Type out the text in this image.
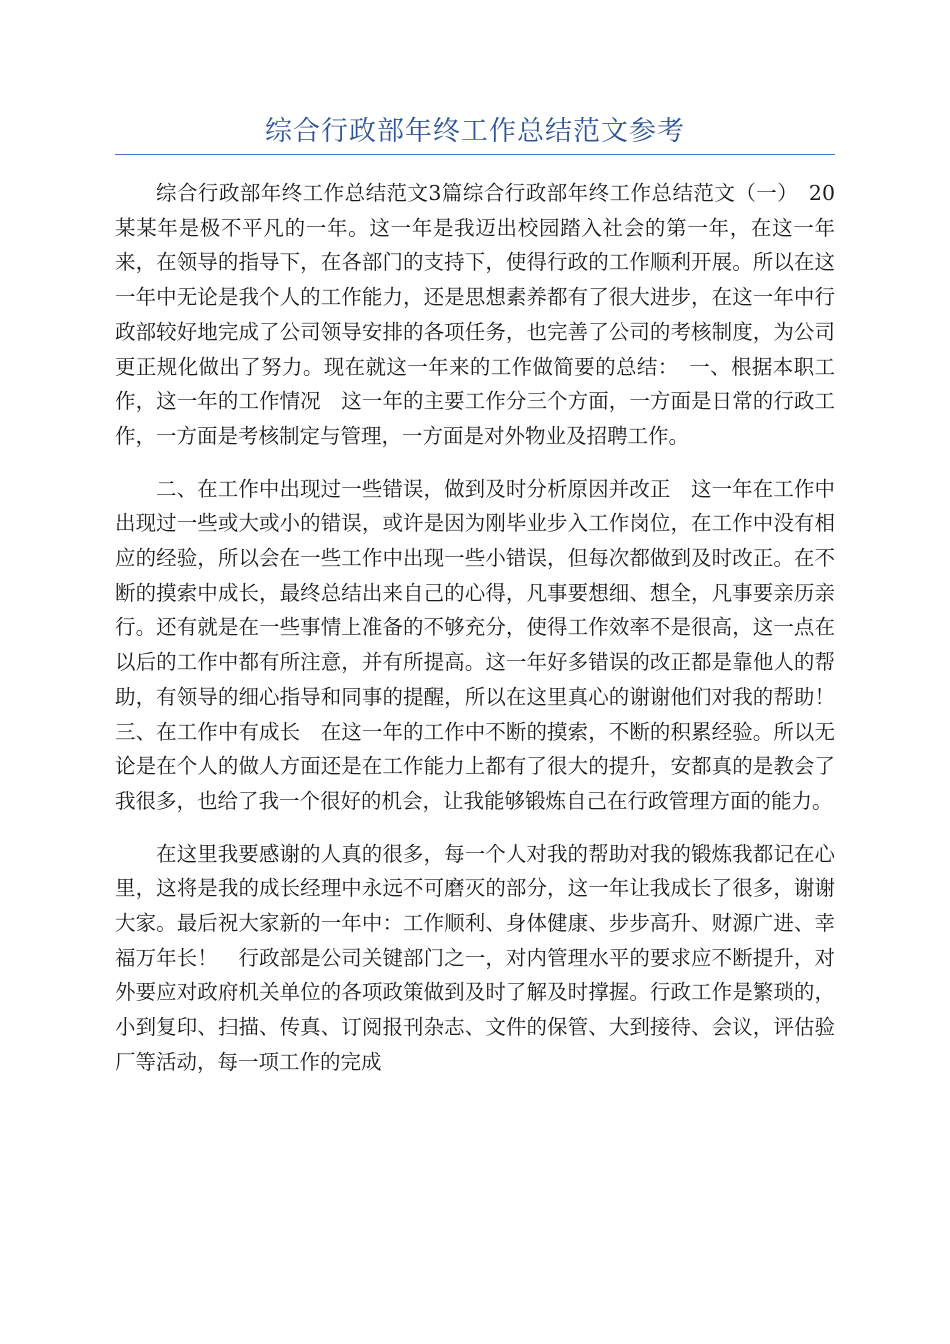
综合行政部年终工作总结范文参考

综合行政部年终工作总结范文3篇综合行政部年终工作总结范文（一）　20某某年是极不平凡的一年。这一年是我迈出校园踏入社会的第一年，在这一年来，在领导的指导下，在各部门的支持下，使得行政的工作顺利开展。所以在这一年中无论是我个人的工作能力，还是思想素养都有了很大进步，在这一年中行政部较好地完成了公司领导安排的各项任务，也完善了公司的考核制度，为公司更正规化做出了努力。现在就这一年来的工作做简要的总结：　一、根据本职工作，这一年的工作情况　这一年的主要工作分三个方面，一方面是日常的行政工作，一方面是考核制定与管理，一方面是对外物业及招聘工作。

二、在工作中出现过一些错误，做到及时分析原因并改正　这一年在工作中出现过一些或大或小的错误，或许是因为刚毕业步入工作岗位，在工作中没有相应的经验，所以会在一些工作中出现一些小错误，但每次都做到及时改正。在不断的摸索中成长，最终总结出来自己的心得，凡事要想细、想全，凡事要亲历亲行。还有就是在一些事情上准备的不够充分，使得工作效率不是很高，这一点在以后的工作中都有所注意，并有所提高。这一年好多错误的改正都是靠他人的帮助，有领导的细心指导和同事的提醒，所以在这里真心的谢谢他们对我的帮助！　三、在工作中有成长　在这一年的工作中不断的摸索，不断的积累经验。所以无论是在个人的做人方面还是在工作能力上都有了很大的提升，安都真的是教会了我很多，也给了我一个很好的机会，让我能够锻炼自己在行政管理方面的能力。

在这里我要感谢的人真的很多，每一个人对我的帮助对我的锻炼我都记在心里，这将是我的成长经理中永远不可磨灭的部分，这一年让我成长了很多，谢谢大家。最后祝大家新的一年中：工作顺利、身体健康、步步高升、财源广进、幸福万年长！　行政部是公司关键部门之一，对内管理水平的要求应不断提升，对外要应对政府机关单位的各项政策做到及时了解及时撑握。行政工作是繁琐的，小到复印、扫描、传真、订阅报刊杂志、文件的保管、大到接待、会议，评估验厂等活动，每一项工作的完成
